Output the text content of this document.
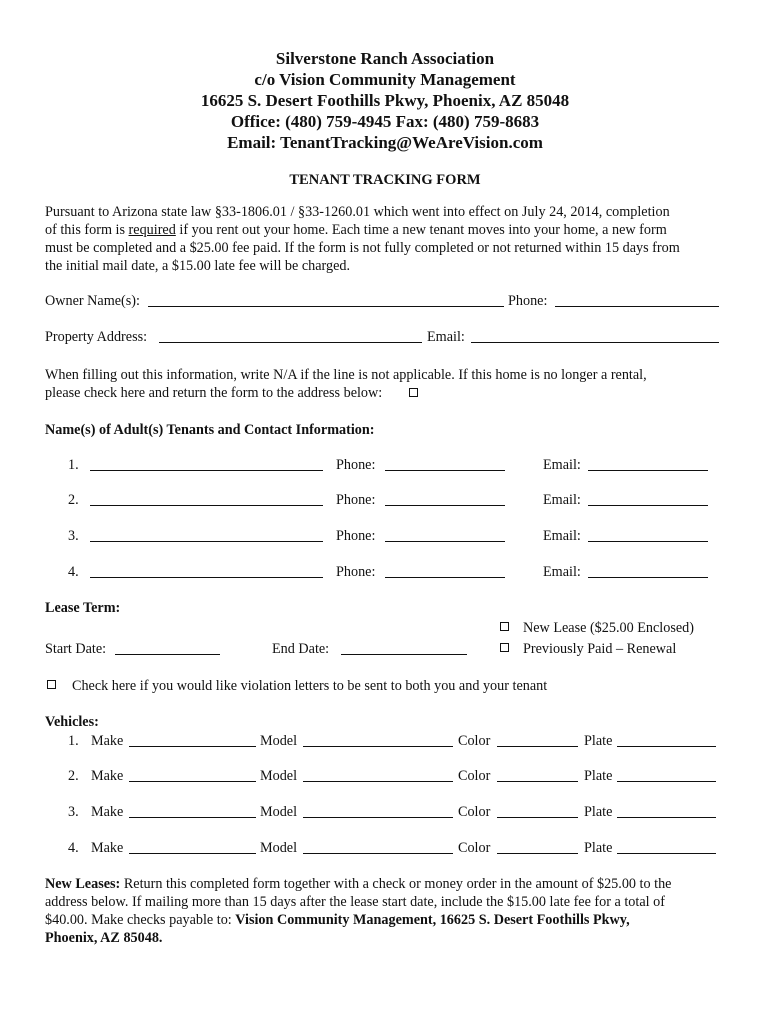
Silverstone Ranch Association
c/o Vision Community Management
16625 S. Desert Foothills Pkwy, Phoenix, AZ 85048
Office: (480) 759-4945 Fax: (480) 759-8683
Email: TenantTracking@WeAreVision.com
TENANT TRACKING FORM
Pursuant to Arizona state law §33-1806.01 / §33-1260.01 which went into effect on July 24, 2014, completion
of this form is required if you rent out your home. Each time a new tenant moves into your home, a new form
must be completed and a $25.00 fee paid. If the form is not fully completed or not returned within 15 days from
the initial mail date, a $15.00 late fee will be charged.
Owner Name(s):	Phone:
Property Address:	Email:
When filling out this information, write N/A if the line is not applicable. If this home is no longer a rental,
please check here and return the form to the address below:
Name(s) of Adult(s) Tenants and Contact Information:
1.	Phone:	Email:
2.	Phone:	Email:
3.	Phone:	Email:
4.	Phone:	Email:
Lease Term:
New Lease ($25.00 Enclosed)
Start Date:	End Date:	Previously Paid – Renewal
Check here if you would like violation letters to be sent to both you and your tenant
Vehicles:
1. Make	Model	Color	Plate
2. Make	Model	Color	Plate
3. Make	Model	Color	Plate
4. Make	Model	Color	Plate
New Leases: Return this completed form together with a check or money order in the amount of $25.00 to the
address below. If mailing more than 15 days after the lease start date, include the $15.00 late fee for a total of
$40.00. Make checks payable to: Vision Community Management, 16625 S. Desert Foothills Pkwy,
Phoenix, AZ 85048.
